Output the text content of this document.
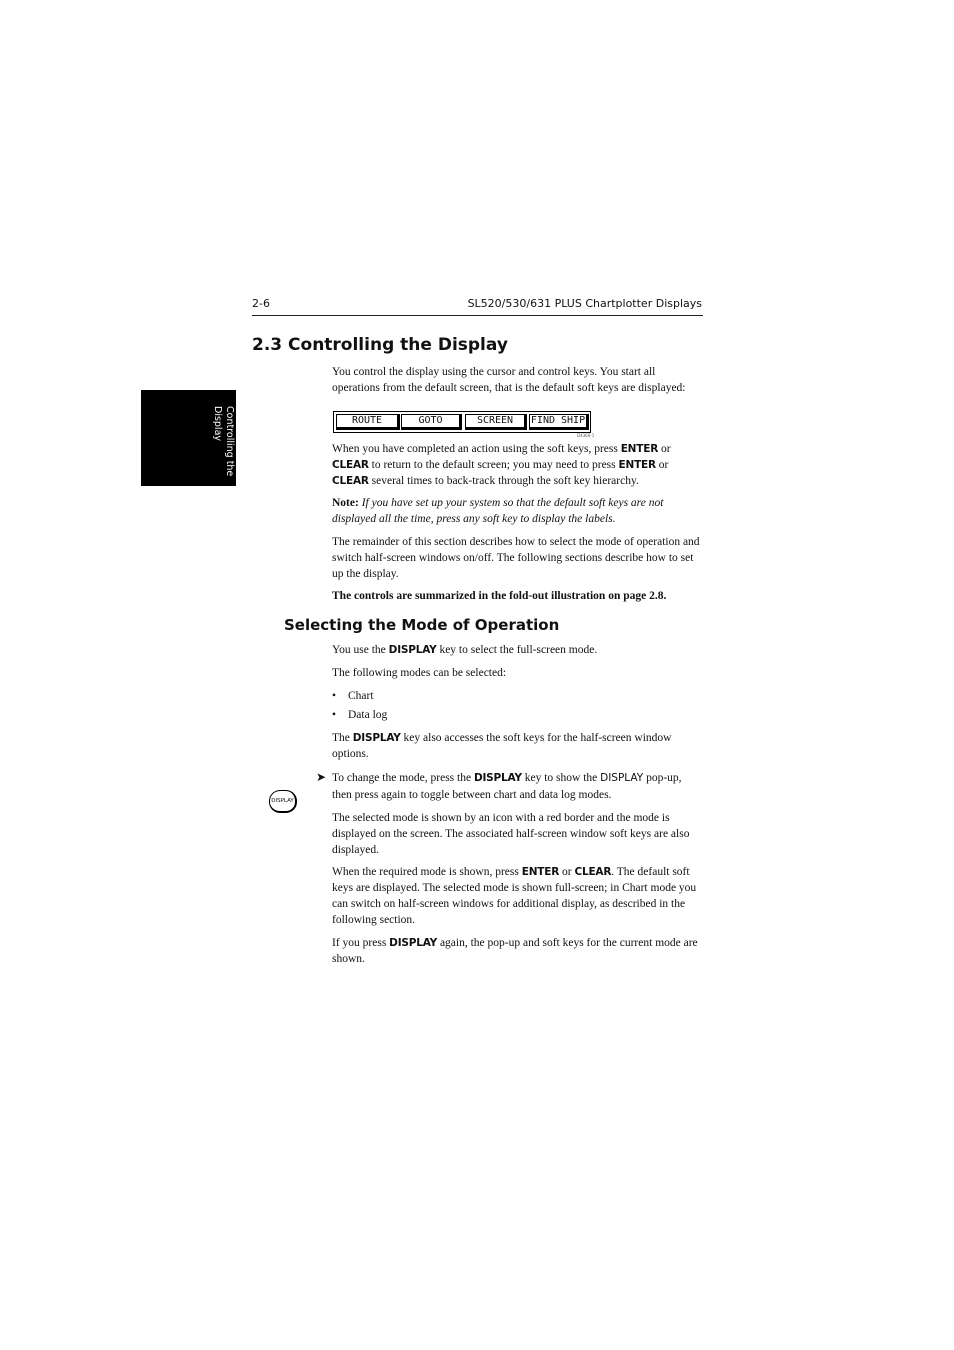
2-6	SL520/530/631 PLUS Chartplotter Displays
Controlling the
Display
2.3 Controlling the Display
You control the display using the cursor and control keys. You start all operations from the default screen, that is the default soft keys are displayed:
ROUTE	GOTO	SCREEN	FIND SHIP
D4360-1
When you have completed an action using the soft keys, press ENTER or CLEAR to return to the default screen; you may need to press ENTER or CLEAR several times to back-track through the soft key hierarchy.
Note: If you have set up your system so that the default soft keys are not displayed all the time, press any soft key to display the labels.
The remainder of this section describes how to select the mode of operation and switch half-screen windows on/off. The following sections describe how to set up the display.
The controls are summarized in the fold-out illustration on page 2.8.
Selecting the Mode of Operation
You use the DISPLAY key to select the full-screen mode.
The following modes can be selected:
• Chart
• Data log
The DISPLAY key also accesses the soft keys for the half-screen window options.
➤ To change the mode, press the DISPLAY key to show the DISPLAY pop-up, then press again to toggle between chart and data log modes.
DISPLAY
The selected mode is shown by an icon with a red border and the mode is displayed on the screen. The associated half-screen window soft keys are also displayed.
When the required mode is shown, press ENTER or CLEAR. The default soft keys are displayed. The selected mode is shown full-screen; in Chart mode you can switch on half-screen windows for additional display, as described in the following section.
If you press DISPLAY again, the pop-up and soft keys for the current mode are shown.
